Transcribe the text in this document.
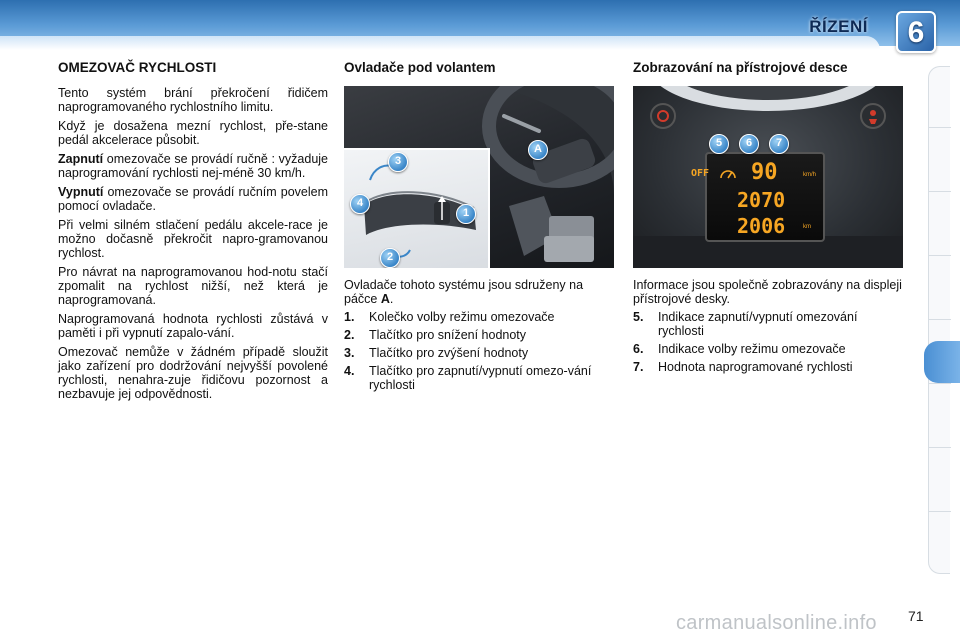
ŘÍZENÍ	6
OMEZOVAČ RYCHLOSTI

Tento systém brání překročení řidičem naprogramovaného rychlostního limitu.

Když je dosažena mezní rychlost, pře-stane pedál akcelerace působit.

Zapnutí omezovače se provádí ručně : vyžaduje naprogramování rychlosti nej-méně 30 km/h.

Vypnutí omezovače se provádí ručním povelem pomocí ovladače.

Při velmi silném stlačení pedálu akcele-race je možno dočasně překročit napro-gramovanou rychlost.

Pro návrat na naprogramovanou hod-notu stačí zpomalit na rychlost nižší, než která je naprogramovaná.

Naprogramovaná hodnota rychlosti zůstává v paměti i při vypnutí zapalo-vání.

Omezovač nemůže v žádném případě sloužit jako zařízení pro dodržování nejvyšší povolené rychlosti, nenahra-zuje řidičovu pozornost a nezbavuje jej odpovědnosti.

Ovladače pod volantem
A
1
2
3
4

Ovladače tohoto systému jsou sdruženy na páčce A.

1.	Kolečko volby režimu omezovače
2.	Tlačítko pro snížení hodnoty
3.	Tlačítko pro zvýšení hodnoty
4.	Tlačítko pro zapnutí/vypnutí omezo-vání rychlosti
Zobrazování na přístrojové desce
OFF 90	km/h
2070
2006	km
5	6	7

Informace jsou společně zobrazovány na displeji přístrojové desky.

5.	Indikace zapnutí/vypnutí omezování rychlosti
6.	Indikace volby režimu omezovače
7.	Hodnota naprogramované rychlosti
carmanualsonline.info 71
